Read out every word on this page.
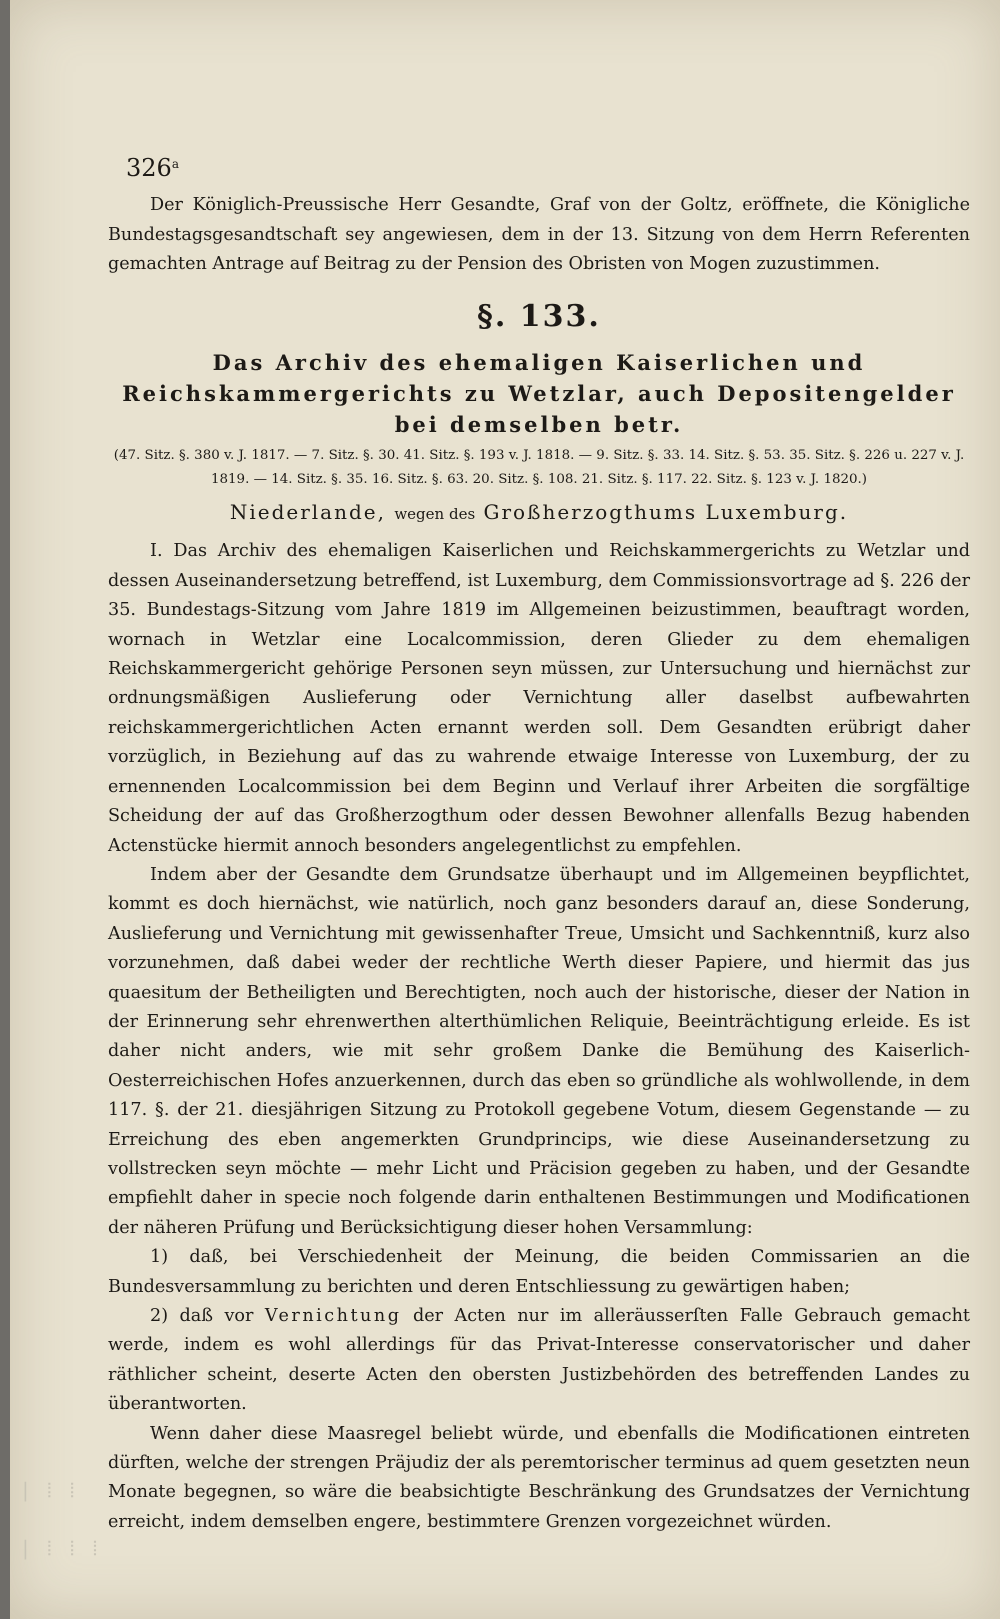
326$^a$

Der Königlich-Preussische Herr Gesandte, Graf von der Goltz, eröffnete, die Königliche Bundestagsgesandtschaft sey angewiesen, dem in der 13. Sitzung von dem Herrn Referenten gemachten Antrage auf Beitrag zu der Pension des Obristen von Mogen zuzustimmen.

§. 133.
Das Archiv des ehemaligen Kaiserlichen und Reichskammergerichts zu Wetzlar, auch Depositengelder bei demselben betr.
(47. Sitz. §. 380 v. J. 1817. — 7. Sitz. §. 30. 41. Sitz. §. 193 v. J. 1818. — 9. Sitz. §. 33. 14. Sitz. §. 53. 35. Sitz. §. 226 u. 227 v. J. 1819. — 14. Sitz. §. 35. 16. Sitz. §. 63. 20. Sitz. §. 108. 21. Sitz. §. 117. 22. Sitz. §. 123 v. J. 1820.)
Niederlande, wegen des Großherzogthums Luxemburg.

I. Das Archiv des ehemaligen Kaiserlichen und Reichskammergerichts zu Wetzlar und dessen Auseinandersetzung betreffend, ist Luxemburg, dem Commissionsvortrage ad §. 226 der 35. Bundestags-Sitzung vom Jahre 1819 im Allgemeinen beizustimmen, beauftragt worden, wornach in Wetzlar eine Localcommission, deren Glieder zu dem ehemaligen Reichskammergericht gehörige Personen seyn müssen, zur Untersuchung und hiernächst zur ordnungsmäßigen Auslieferung oder Vernichtung aller daselbst aufbewahrten reichskammergerichtlichen Acten ernannt werden soll. Dem Gesandten erübrigt daher vorzüglich, in Beziehung auf das zu wahrende etwaige Interesse von Luxemburg, der zu ernennenden Localcommission bei dem Beginn und Verlauf ihrer Arbeiten die sorgfältige Scheidung der auf das Großherzogthum oder dessen Bewohner allenfalls Bezug habenden Actenstücke hiermit annoch besonders angelegentlichst zu empfehlen.

Indem aber der Gesandte dem Grundsatze überhaupt und im Allgemeinen beypflichtet, kommt es doch hiernächst, wie natürlich, noch ganz besonders darauf an, diese Sonderung, Auslieferung und Vernichtung mit gewissenhafter Treue, Umsicht und Sachkenntniß, kurz also vorzunehmen, daß dabei weder der rechtliche Werth dieser Papiere, und hiermit das jus quaesitum der Betheiligten und Berechtigten, noch auch der historische, dieser der Nation in der Erinnerung sehr ehrenwerthen alterthümlichen Reliquie, Beeinträchtigung erleide. Es ist daher nicht anders, wie mit sehr großem Danke die Bemühung des Kaiserlich-Oesterreichischen Hofes anzuerkennen, durch das eben so gründliche als wohlwollende, in dem 117. §. der 21. diesjährigen Sitzung zu Protokoll gegebene Votum, diesem Gegenstande — zu Erreichung des eben angemerkten Grundprincips, wie diese Auseinandersetzung zu vollstrecken seyn möchte — mehr Licht und Präcision gegeben zu haben, und der Gesandte empfiehlt daher in specie noch folgende darin enthaltenen Bestimmungen und Modificationen der näheren Prüfung und Berücksichtigung dieser hohen Versammlung:

1) daß, bei Verschiedenheit der Meinung, die beiden Commissarien an die Bundesversammlung zu berichten und deren Entschliessung zu gewärtigen haben;

2) daß vor Vernichtung der Acten nur im alleräusserſten Falle Gebrauch gemacht werde, indem es wohl allerdings für das Privat-Interesse conservatorischer und daher räthlicher scheint, deserte Acten den obersten Justizbehörden des betreffenden Landes zu überantworten.

Wenn daher diese Maasregel beliebt würde, und ebenfalls die Modificationen eintreten dürften, welche der strengen Präjudiz der als peremtorischer terminus ad quem gesetzten neun Monate begegnen, so wäre die beabsichtigte Beschränkung des Grundsatzes der Vernichtung erreicht, indem demselben engere, bestimmtere Grenzen vorgezeichnet würden.

| ⦙ ⦙
| ⦙ ⦙ ⦙
